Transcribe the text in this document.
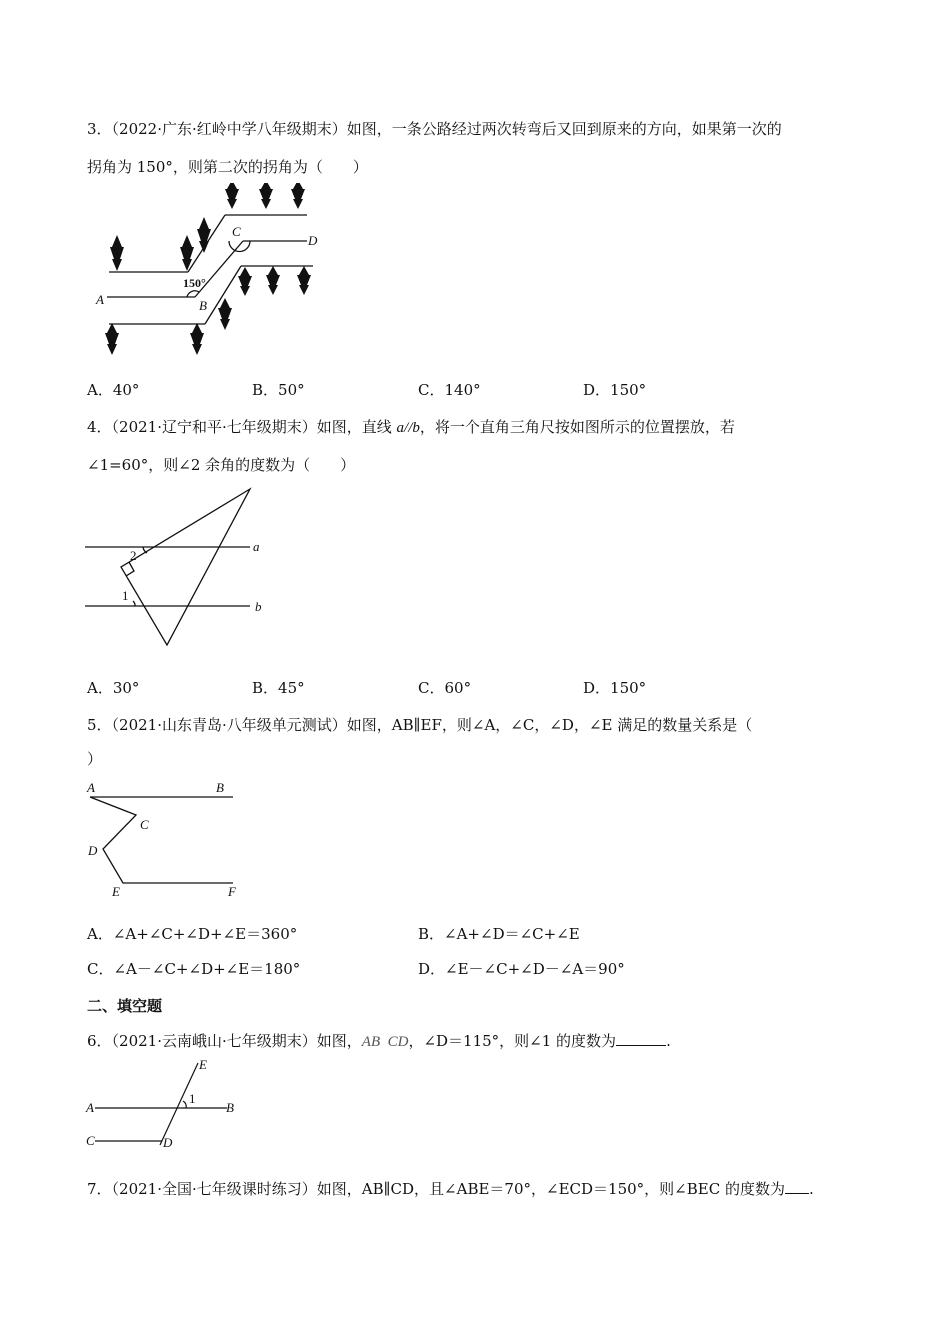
3．（2022·广东·红岭中学八年级期末）如图，一条公路经过两次转弯后又回到原来的方向，如果第一次的
拐角为 150°，则第二次的拐角为（　　）
150°
A	B
C
D
A．40°	B．50°	C．140°	D．150°
4．（2021·辽宁和平·七年级期末）如图，直线 a//b，将一个直角三角尺按如图所示的位置摆放，若
∠1=60°，则∠2 余角的度数为（　　）
2
1
a
b
A．30°	B．45°	C．60°	D．150°
5．（2021·山东青岛·八年级单元测试）如图，AB∥EF，则∠A，∠C，∠D，∠E 满足的数量关系是（
）
A	B
C
D
E	F
A．∠A+∠C+∠D+∠E＝360°	B．∠A+∠D＝∠C+∠E
C．∠A－∠C+∠D+∠E＝180°	D．∠E－∠C+∠D－∠A＝90°
二、填空题
6．（2021·云南峨山·七年级期末）如图，AB  CD，∠D＝115°，则∠1 的度数为	.
A	B
C	D
E
1
7．（2021·全国·七年级课时练习）如图，AB∥CD，且∠ABE＝70°，∠ECD＝150°，则∠BEC 的度数为 .
